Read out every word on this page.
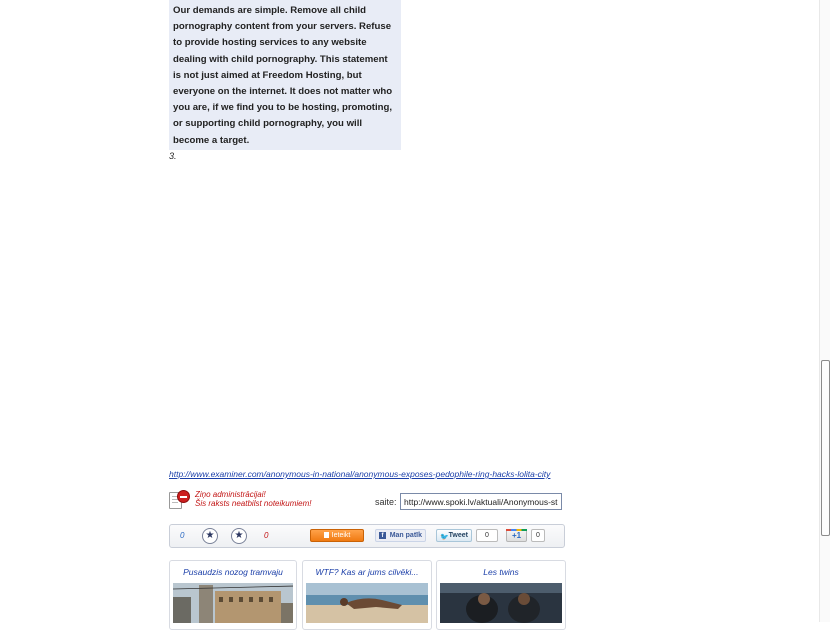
Our demands are simple. Remove all child pornography content from your servers. Refuse to provide hosting services to any website dealing with child pornography. This statement is not just aimed at Freedom Hosting, but everyone on the internet. It does not matter who you are, if we find you to be hosting, promoting, or supporting child pornography, you will become a target.

3.
http://www.examiner.com/anonymous-in-national/anonymous-exposes-pedophile-ring-hacks-lolita-city
Ziņo administrācijai!
Šis raksts neatbilst noteikumiem!	saite:
http://www.spoki.lv/aktuali/Anonymous-str
0	★	★	0	Ieteikt	f Man patīk	🐦 Tweet	0	+1	0
Pusaudzis nozog tramvaju	WTF? Kas ar jums cilvēki...	Les twins
